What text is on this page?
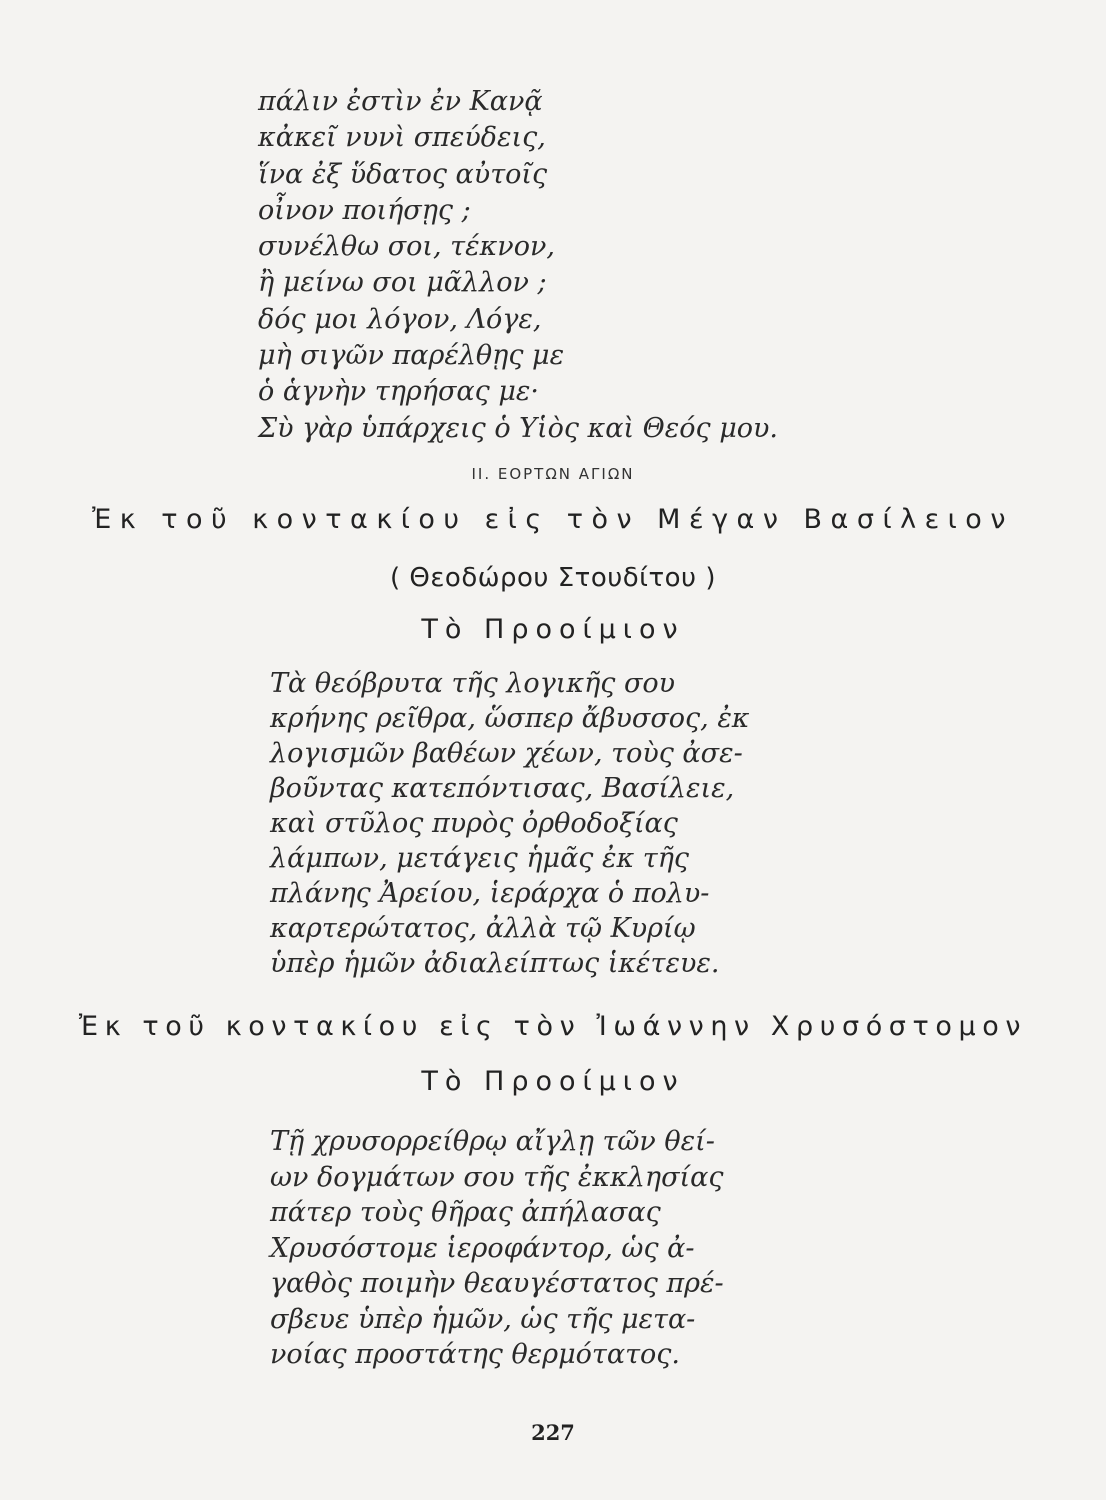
πάλιν ἐστὶν ἐν Κανᾷ
κἀκεῖ νυνὶ σπεύδεις,
ἵνα ἐξ ὕδατος αὐτοῖς
οἶνον ποιήσῃς ;
συνέλθω σοι, τέκνον,
ἢ μείνω σοι μᾶλλον ;
δός μοι λόγον, Λόγε,
μὴ σιγῶν παρέλθῃς με
ὁ ἁγνὴν τηρήσας με·
Σὺ γὰρ ὑπάρχεις ὁ Υἱὸς καὶ Θεός μου.
II. ΕΟΡΤΩΝ ΑΓΙΩΝ
Ἐκ τοῦ κοντακίου εἰς τὸν Μέγαν Βασίλειον
( Θεοδώρου Στουδίτου )
Τὸ Προοίμιον
Τὰ θεόβρυτα τῆς λογικῆς σου
κρήνης ρεῖθρα, ὥσπερ ἄβυσσος, ἐκ
λογισμῶν βαθέων χέων, τοὺς ἀσε-
βοῦντας κατεπόντισας, Βασίλειε,
καὶ στῦλος πυρὸς ὀρθοδοξίας
λάμπων, μετάγεις ἡμᾶς ἐκ τῆς
πλάνης Ἀρείου, ἱεράρχα ὁ πολυ-
καρτερώτατος, ἀλλὰ τῷ Κυρίῳ
ὑπὲρ ἡμῶν ἀδιαλείπτως ἱκέτευε.
Ἐκ τοῦ κοντακίου εἰς τὸν Ἰωάννην Χρυσόστομον
Τὸ Προοίμιον
Τῇ χρυσορρείθρῳ αἴγλῃ τῶν θεί-
ων δογμάτων σου τῆς ἐκκλησίας
πάτερ τοὺς θῆρας ἀπήλασας
Χρυσόστομε ἱεροφάντορ, ὡς ἀ-
γαθὸς ποιμὴν θεαυγέστατος πρέ-
σβευε ὑπὲρ ἡμῶν, ὡς τῆς μετα-
νοίας προστάτης θερμότατος.
227
